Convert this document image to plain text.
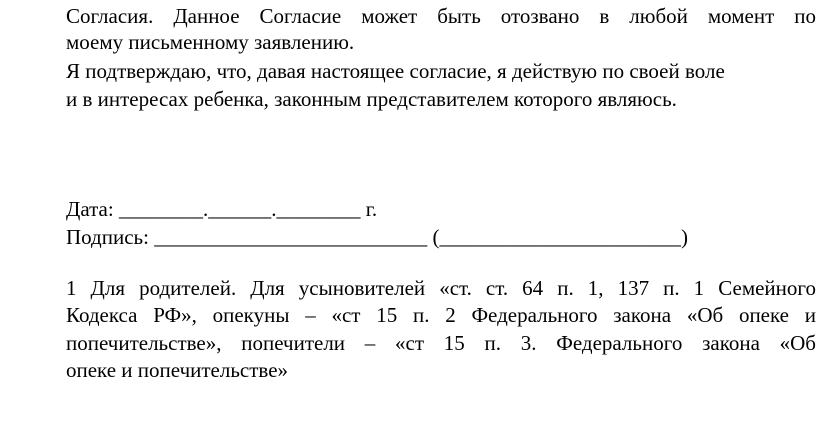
Согласия. Данное Согласие может быть отозвано в любой момент по
моему письменному заявлению.
Я подтверждаю, что, давая настоящее согласие, я действую по своей воле
и в интересах ребенка, законным представителем которого являюсь.
Дата: ________.______.________ г.
Подпись: __________________________ (_______________________)
1 Для родителей. Для усыновителей «ст. ст. 64 п. 1, 137 п. 1 Семейного
Кодекса РФ», опекуны – «ст 15 п. 2 Федерального закона «Об опеке и
попечительстве», попечители – «ст 15 п. 3. Федерального закона «Об
опеке и попечительстве»
